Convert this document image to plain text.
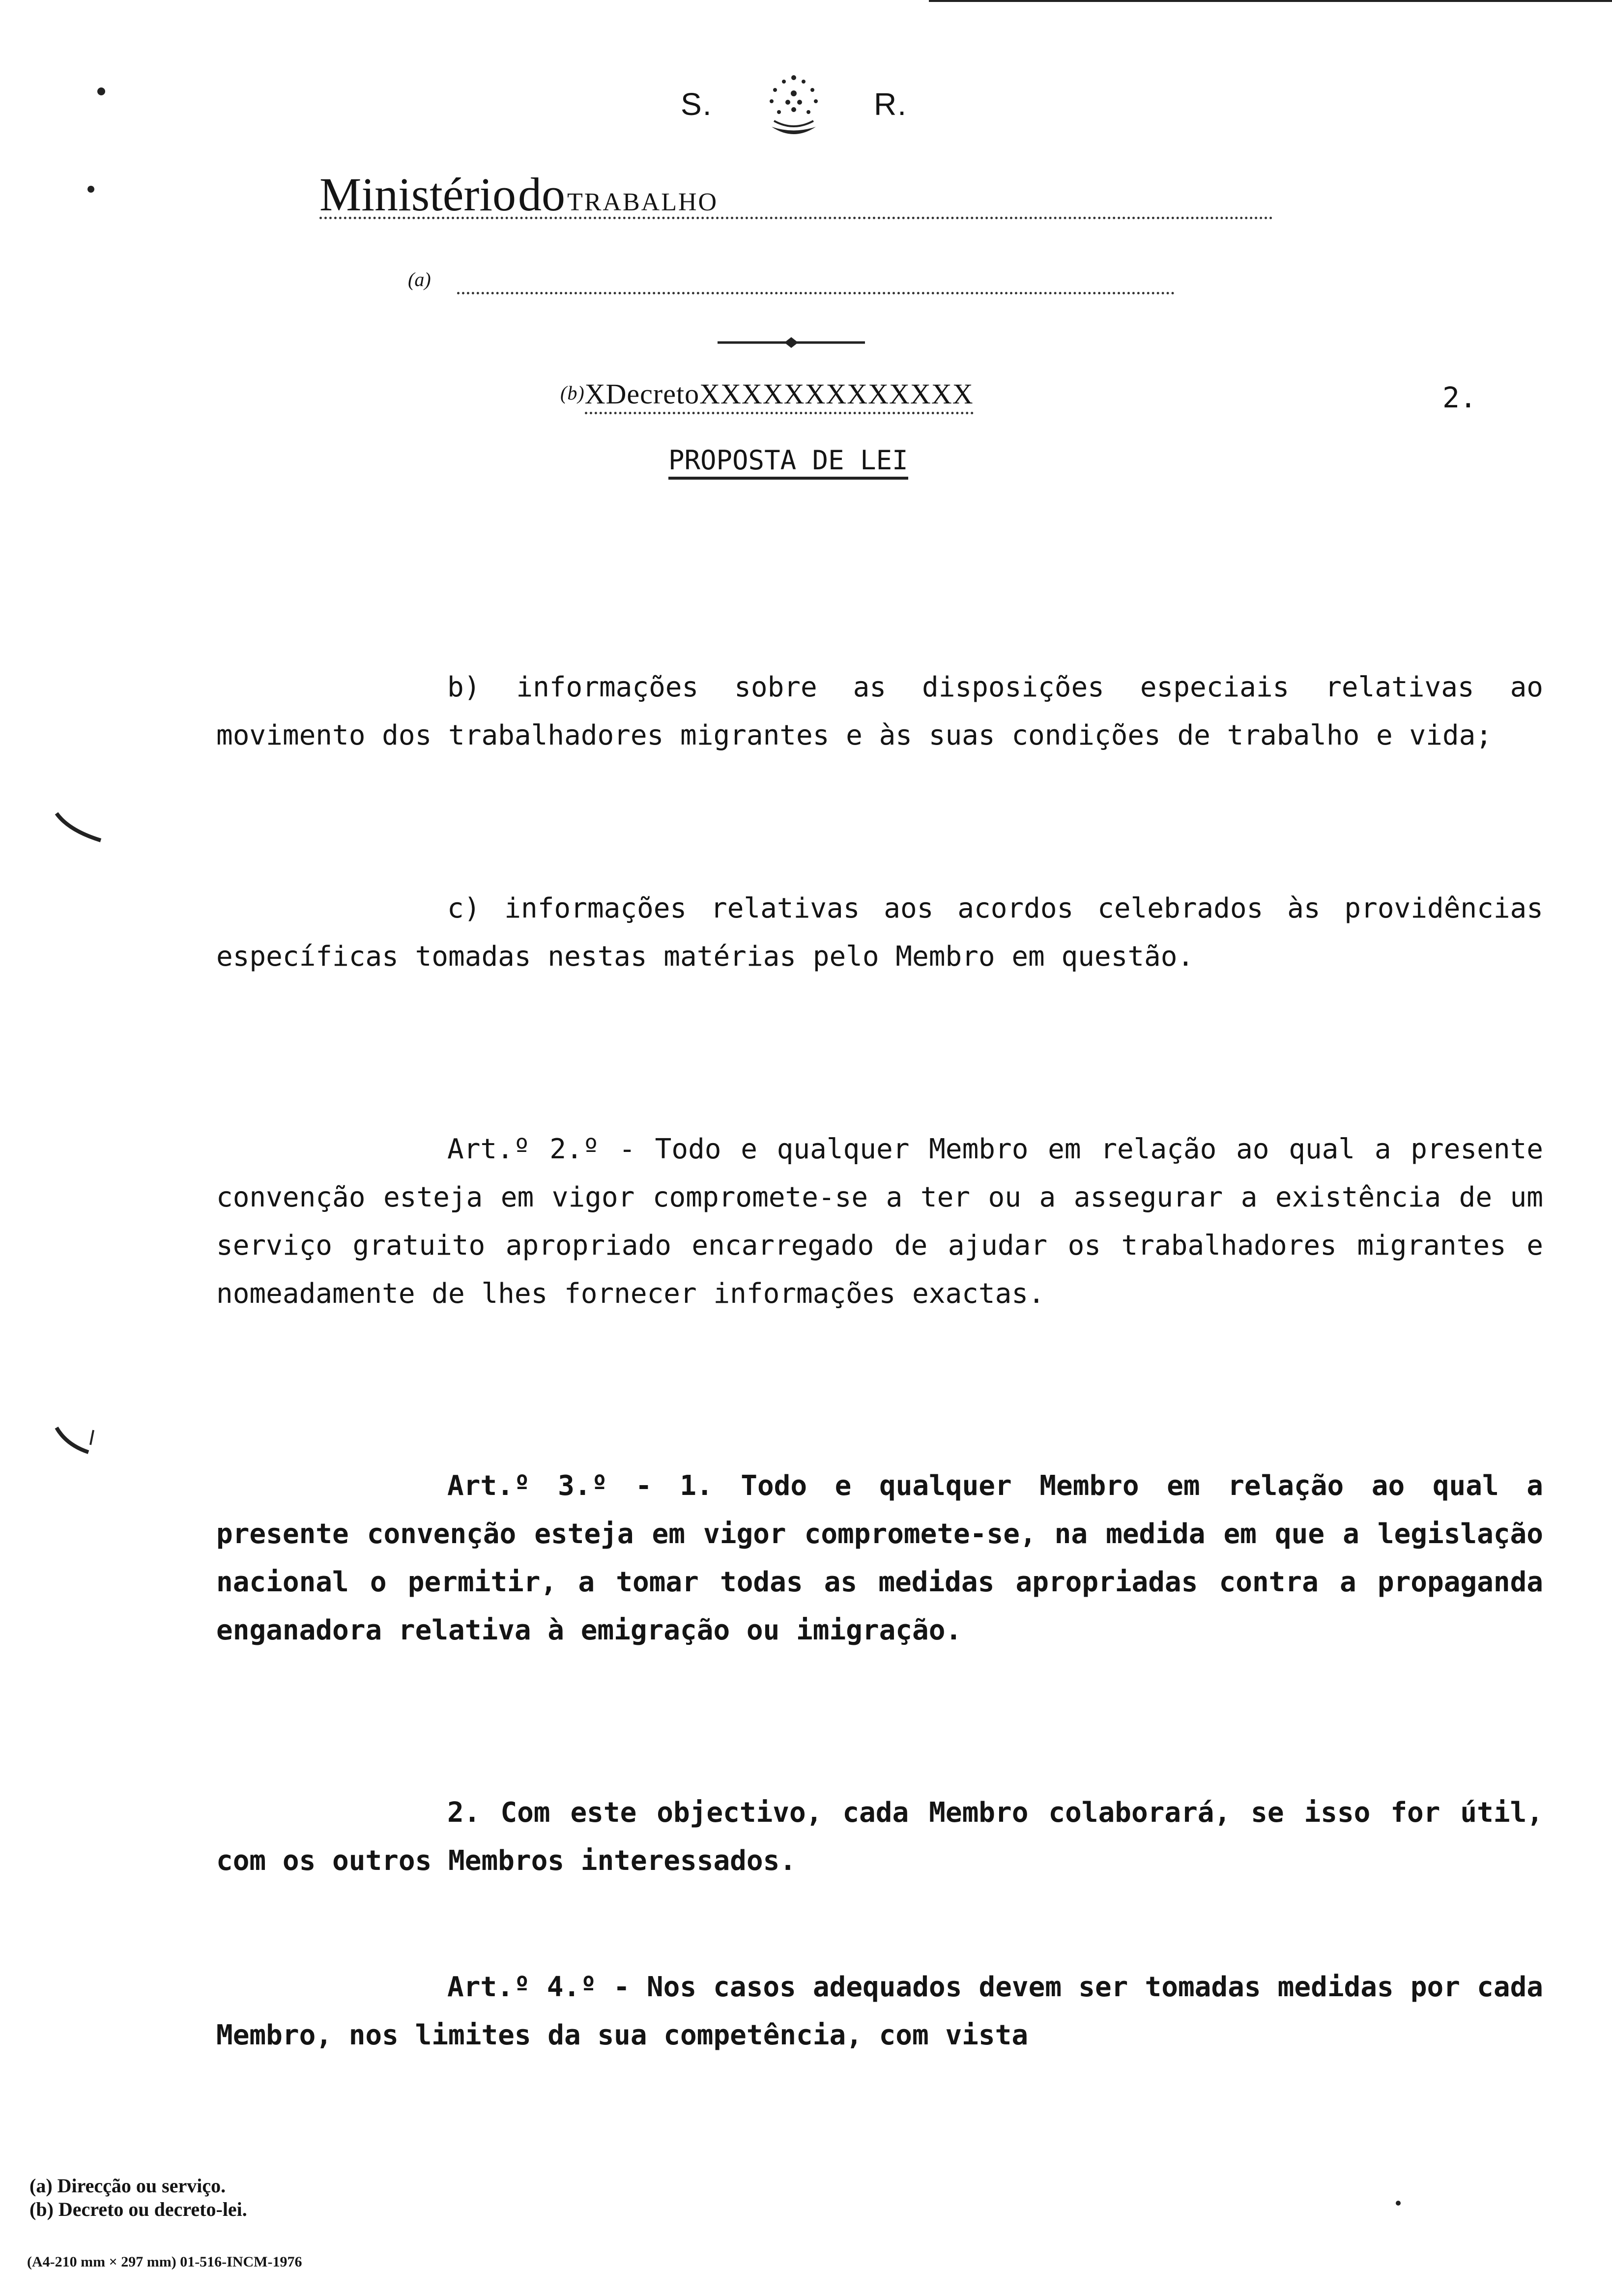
S.	R.
Ministério do TRABALHO
(a)
(b)XDecretoXXXXXXXXXXXXX	2.
PROPOSTA DE LEI
b) informações sobre as disposições especiais relativas ao movimento dos trabalhadores migrantes e às suas condições de trabalho e vida;
c) informações relativas aos acordos celebrados às providências específicas tomadas nestas matérias pelo Membro em questão.
Art.º 2.º - Todo e qualquer Membro em relação ao qual a presente convenção esteja em vigor compromete-se a ter ou a assegurar a existência de um serviço gratuito apropriado encarregado de ajudar os trabalhadores migrantes e nomeadamente de lhes fornecer informações exactas.
Art.º 3.º - 1. Todo e qualquer Membro em relação ao qual a presente convenção esteja em vigor compromete-se, na medida em que a legislação nacional o permitir, a tomar todas as medidas apropriadas contra a propaganda enganadora relativa à emigração ou imigração.
2. Com este objectivo, cada Membro colaborará, se isso for útil, com os outros Membros interessados.
Art.º 4.º - Nos casos adequados devem ser tomadas medidas por cada Membro, nos limites da sua competência, com vista
(a) Direcção ou serviço.
(b) Decreto ou decreto-lei.
(A4-210 mm × 297 mm) 01-516-INCM-1976
